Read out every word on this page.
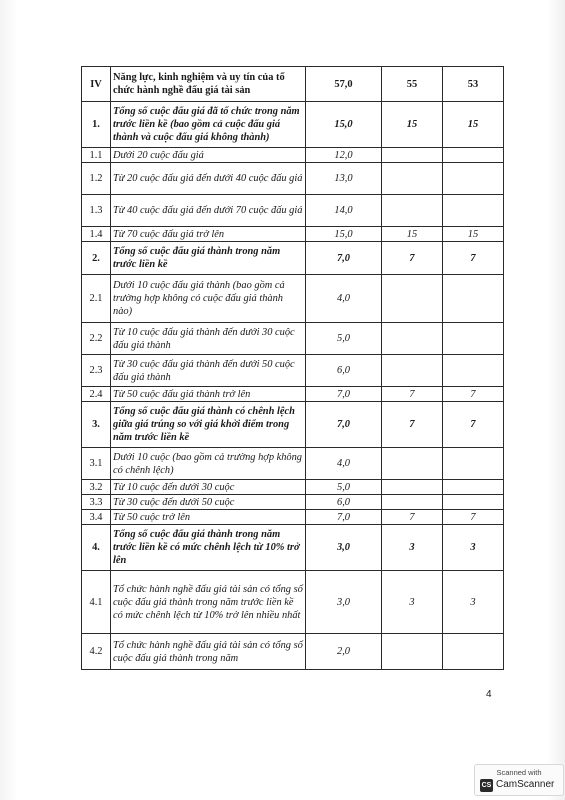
IV	Năng lực, kinh nghiệm và uy tín của tổ chức hành nghề đấu giá tài sản	57,0	55	53
1.	Tổng số cuộc đấu giá đã tổ chức trong năm trước liền kề (bao gồm cả cuộc đấu giá thành và cuộc đấu giá không thành)	15,0	15	15
1.1	Dưới 20 cuộc đấu giá	12,0		
1.2	Từ 20 cuộc đấu giá đến dưới 40 cuộc đấu giá	13,0		
1.3	Từ 40 cuộc đấu giá đến dưới 70 cuộc đấu giá	14,0		
1.4	Từ 70 cuộc đấu giá trở lên	15,0	15	15
2.	Tổng số cuộc đấu giá thành trong năm trước liền kề	7,0	7	7
2.1	Dưới 10 cuộc đấu giá thành (bao gồm cả trường hợp không có cuộc đấu giá thành nào)	4,0		
2.2	Từ 10 cuộc đấu giá thành đến dưới 30 cuộc đấu giá thành	5,0		
2.3	Từ 30 cuộc đấu giá thành đến dưới 50 cuộc đấu giá thành	6,0		
2.4	Từ 50 cuộc đấu giá thành trở lên	7,0	7	7
3.	Tổng số cuộc đấu giá thành có chênh lệch giữa giá trúng so với giá khởi điểm trong năm trước liền kề	7,0	7	7
3.1	Dưới 10 cuộc (bao gồm cả trường hợp không có chênh lệch)	4,0		
3.2	Từ 10 cuộc đến dưới 30 cuộc	5,0		
3.3	Từ 30 cuộc đến dưới 50 cuộc	6,0		
3.4	Từ 50 cuộc trở lên	7,0	7	7
4.	Tổng số cuộc đấu giá thành trong năm trước liền kề có mức chênh lệch từ 10% trở lên	3,0	3	3
4.1	Tổ chức hành nghề đấu giá tài sản có tổng số cuộc đấu giá thành trong năm trước liền kề có mức chênh lệch từ 10% trở lên nhiều nhất	3,0	3	3
4.2	Tổ chức hành nghề đấu giá tài sản có tổng số cuộc đấu giá thành trong năm	2,0		
4
Scanned with
CS CamScanner
